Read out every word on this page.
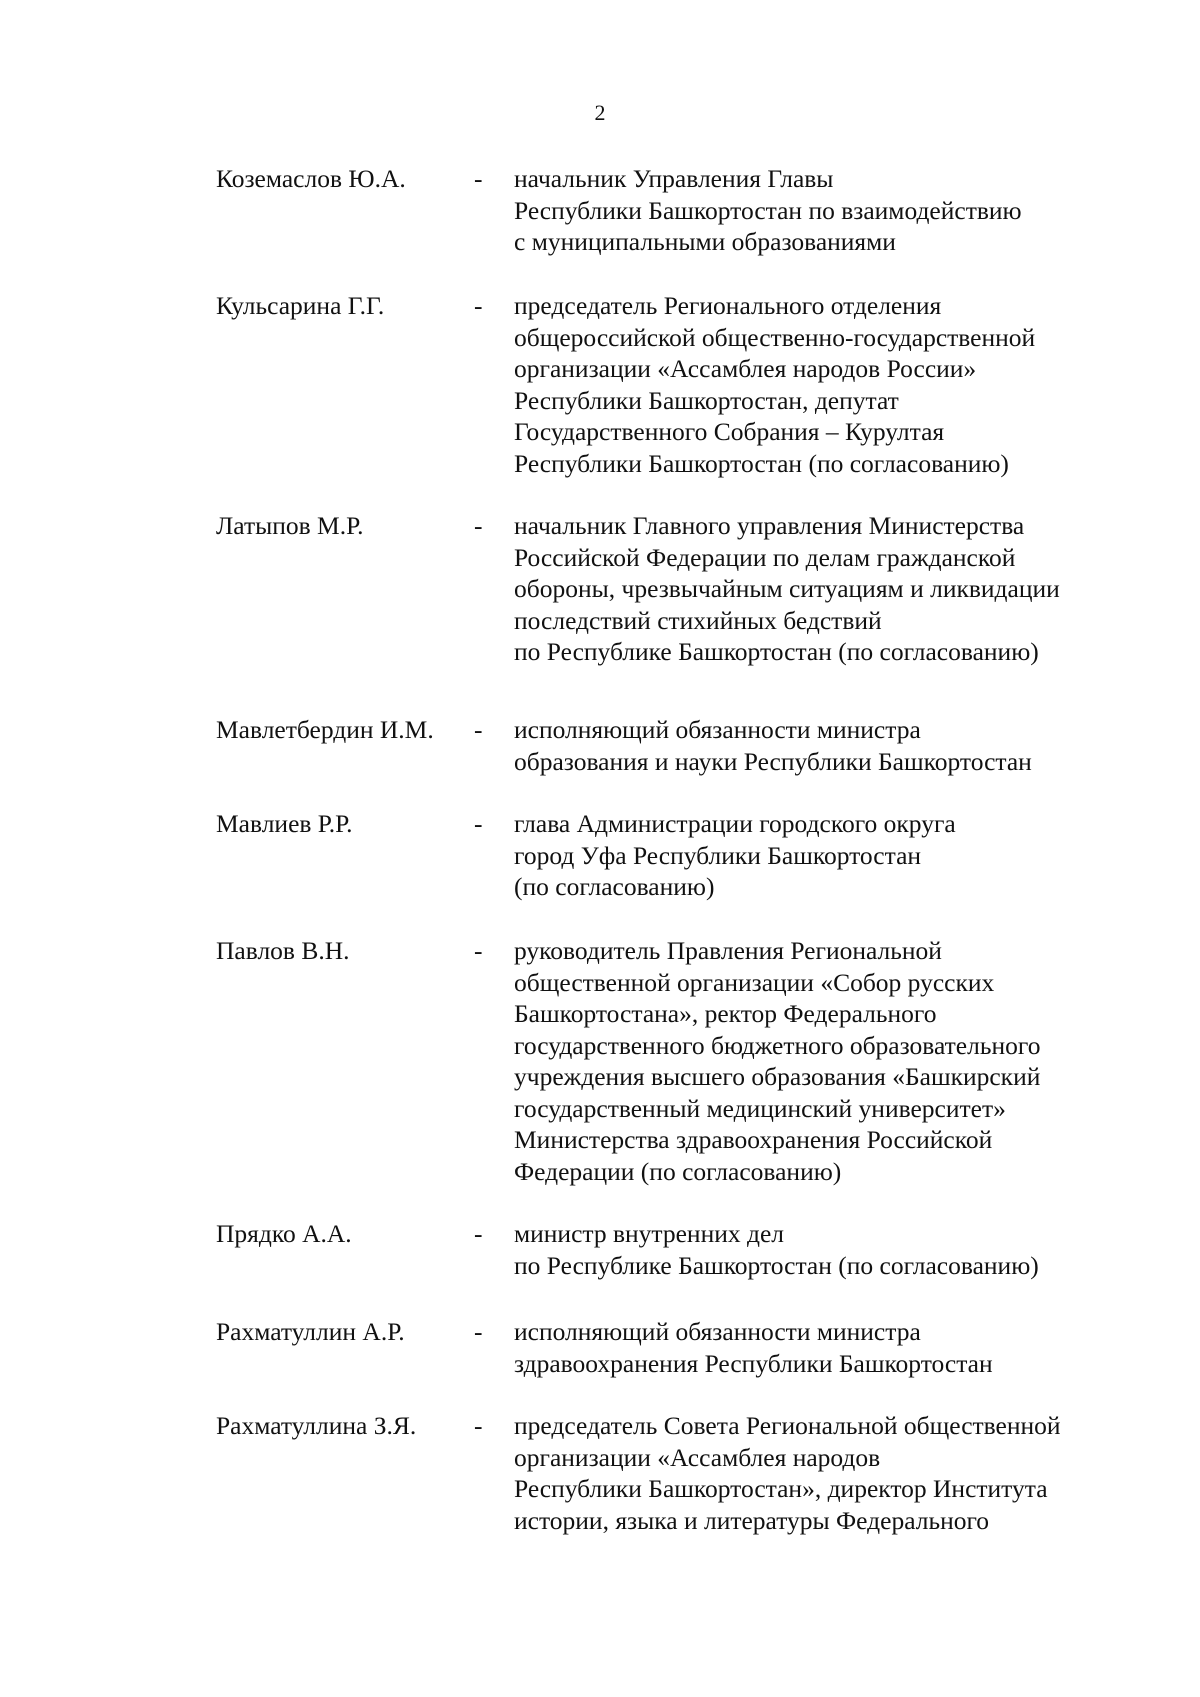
2
Коземаслов Ю.А.	- начальник Управления Главы
Республики Башкортостан по взаимодействию
с муниципальными образованиями
Кульсарина Г.Г.	- председатель Регионального отделения
общероссийской общественно-государственной
организации «Ассамблея народов России»
Республики Башкортостан, депутат
Государственного Собрания – Курултая
Республики Башкортостан (по согласованию)
Латыпов М.Р.	- начальник Главного управления Министерства
Российской Федерации по делам гражданской
обороны, чрезвычайным ситуациям и ликвидации
последствий стихийных бедствий
по Республике Башкортостан (по согласованию)
Мавлетбердин И.М. - исполняющий обязанности министра
образования и науки Республики Башкортостан
Мавлиев Р.Р.	- глава Администрации городского округа
город Уфа Республики Башкортостан
(по согласованию)
Павлов В.Н.	- руководитель Правления Региональной
общественной организации «Собор русских
Башкортостана», ректор Федерального
государственного бюджетного образовательного
учреждения высшего образования «Башкирский
государственный медицинский университет»
Министерства здравоохранения Российской
Федерации (по согласованию)
Прядко А.А.	- министр внутренних дел
по Республике Башкортостан (по согласованию)
Рахматуллин А.Р.	- исполняющий обязанности министра
здравоохранения Республики Башкортостан
Рахматуллина З.Я. - председатель Совета Региональной общественной
организации «Ассамблея народов
Республики Башкортостан», директор Института
истории, языка и литературы Федерального
